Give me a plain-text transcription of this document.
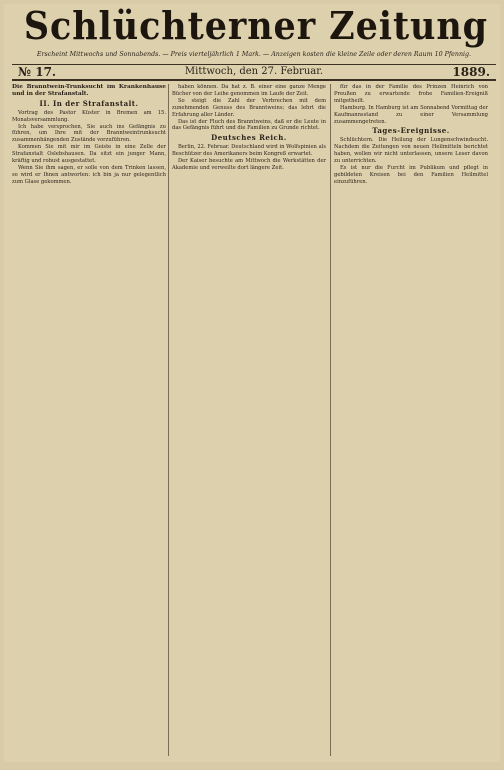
Schlüchterner Zeitung
Erscheint Mittwochs und Sonnabends. — Preis vierteljährlich 1 Mark. — Anzeigen kosten die kleine Zeile oder deren Raum 10 Pfennig.
№ 17.	Mittwoch, den 27. Februar.	1889.
Die Branntwein-Trunksucht im Krankenhause und in der Strafanstalt.
II. In der Strafanstalt.

Vortrag des Pastor Küster in Bremen am 15. Monatsversammlung.

Ich habe versprochen, Sie auch ins Gefängnis zu führen, um Ihre mit der Branntweintrunksucht zusammenhängenden Zustände vorzuführen.

Kommen Sie mit mir im Geiste in eine Zelle der Strafanstalt Oslebshausen. Da sitzt ein junger Mann, kräftig und robust ausgestattet.

Wenn Sie ihm sagen, er solle von dem Trinken lassen, so wird er Ihnen antworten: ich bin ja nur gelegentlich zum Glase gekommen.

haben können. Da hat z. B. einer eine ganze Menge Bücher von der Leihe genommen im Laufe der Zeit.

So steigt die Zahl der Verbrechen mit dem zunehmenden Genuss des Branntweins; das lehrt die Erfahrung aller Länder.

Das ist der Fluch des Branntweins, daß er die Leute in das Gefängnis führt und die Familien zu Grunde richtet.

Deutsches Reich.

Berlin, 22. Februar. Deutschland wird in Wolfspinien als Beschützer des Amerikaners beim Kongreß erwartet.

Der Kaiser besuchte am Mittwoch die Werkstätten der Akademie und verweilte dort längere Zeit.

für das in der Familie des Prinzen Heinrich von Preußen zu erwartende frohe Familien-Ereigniß mitgetheilt.

Hamburg. In Hamburg ist am Sonnabend Vormittag der Kaufmannsstand zu einer Versammlung zusammengetreten.

Tages-Ereignisse.

Schlüchtern. Die Heilung der Lungenschwindsucht. Nachdem die Zeitungen von neuen Heilmitteln berichtet haben, wollen wir nicht unterlassen, unsere Leser davon zu unterrichten.

Es ist nur die Furcht im Publikum und pflegt in gebildeten Kreisen bei den Familien Heilmittel einzuführen.
